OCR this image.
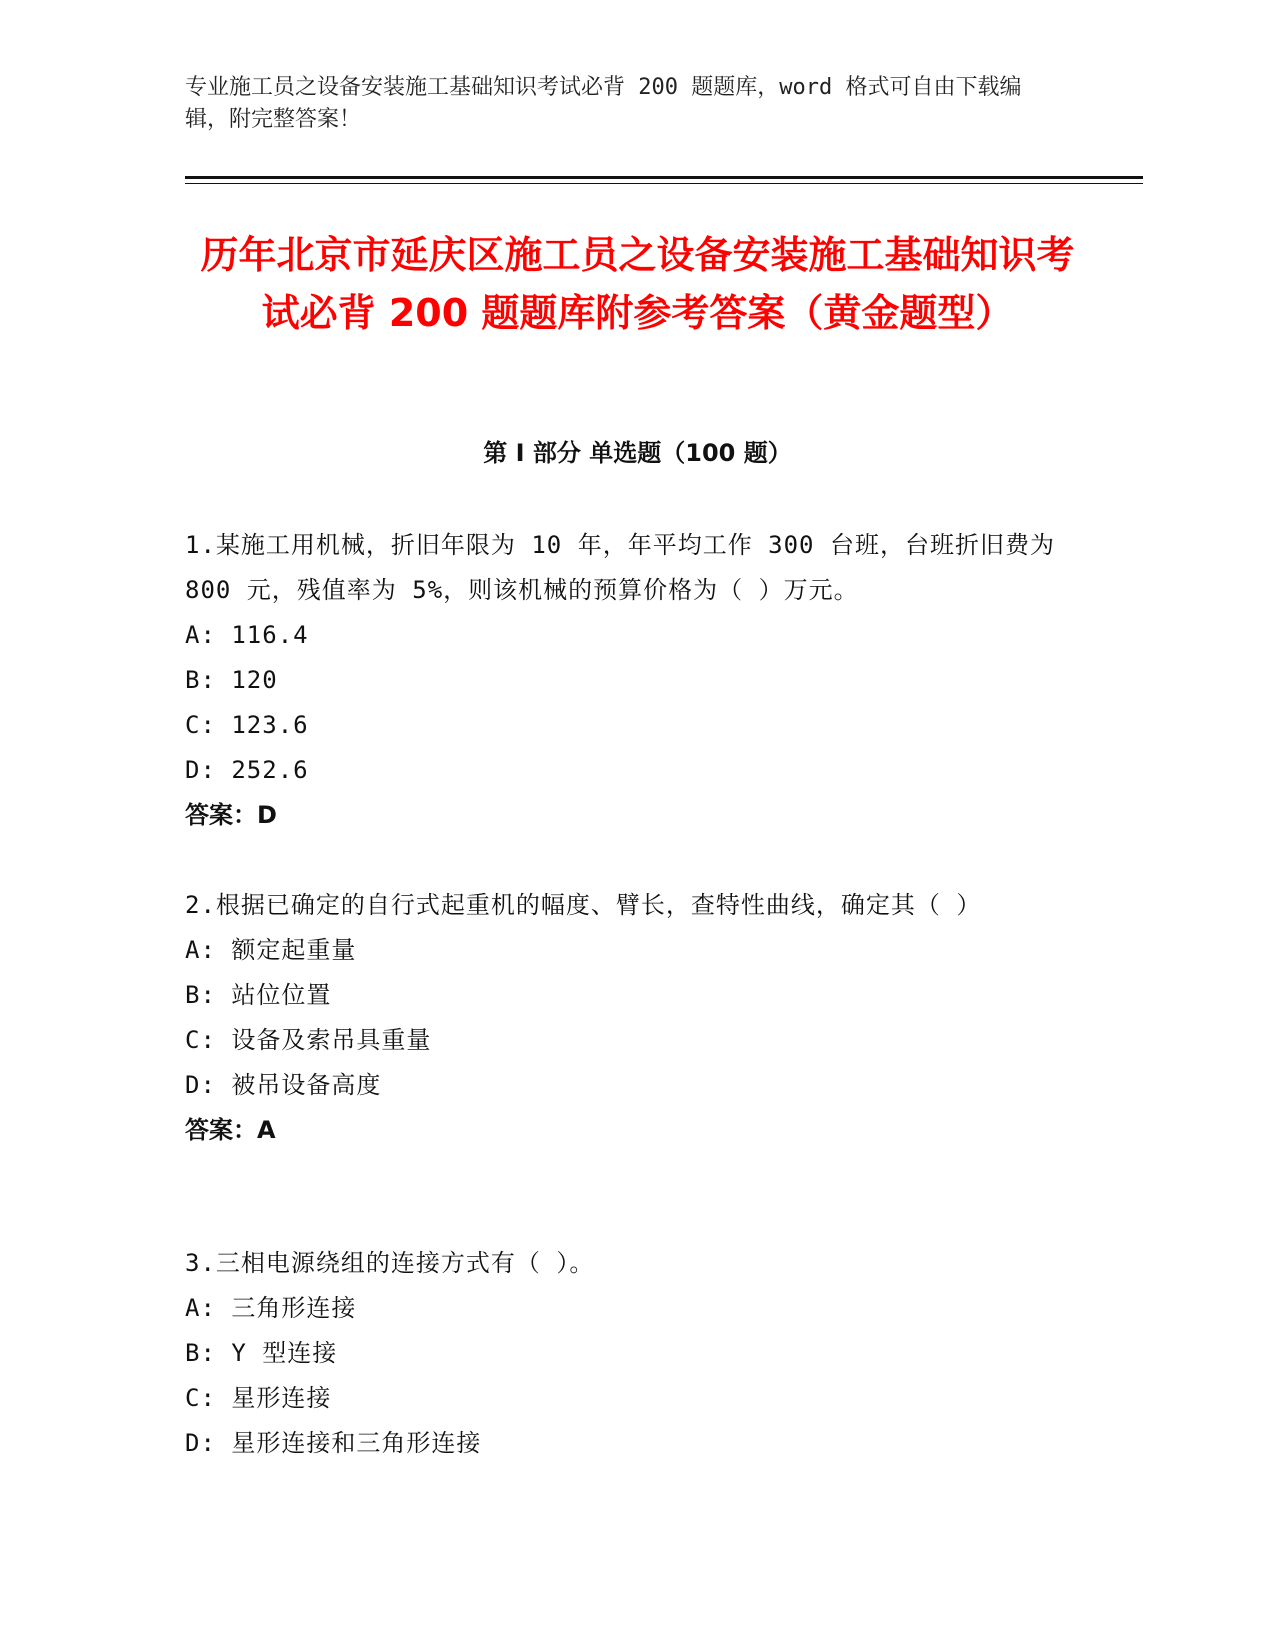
专业施工员之设备安装施工基础知识考试必背 200 题题库，word 格式可自由下载编辑，附完整答案！
历年北京市延庆区施工员之设备安装施工基础知识考试必背 200 题题库附参考答案（黄金题型）
第 I 部分 单选题（100 题）
1.某施工用机械，折旧年限为 10 年，年平均工作 300 台班，台班折旧费为 800 元，残值率为 5%，则该机械的预算价格为（ ）万元。
A: 116.4
B: 120
C: 123.6
D: 252.6
答案：D
2.根据已确定的自行式起重机的幅度、臂长，查特性曲线，确定其（ ）
A: 额定起重量
B: 站位位置
C: 设备及索吊具重量
D: 被吊设备高度
答案：A
3.三相电源绕组的连接方式有（ ）。
A: 三角形连接
B: Y 型连接
C: 星形连接
D: 星形连接和三角形连接
